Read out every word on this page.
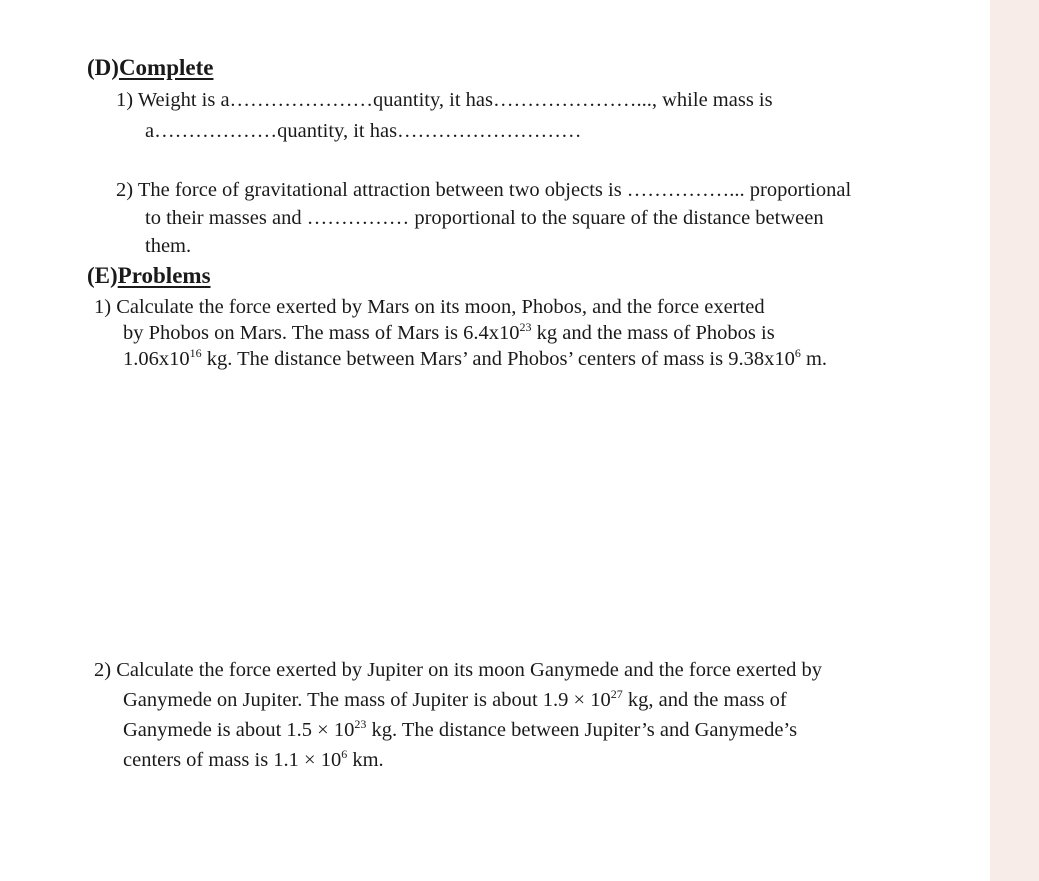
(D)Complete
1) Weight is a…………………quantity, it has…………………..., while mass is
a………………quantity, it has………………………
2) The force of gravitational attraction between two objects is ……………... proportional
to their masses and …………… proportional to the square of the distance between
them.
(E)Problems
1) Calculate the force exerted by Mars on its moon, Phobos, and the force exerted
by Phobos on Mars. The mass of Mars is $6.4x10^{23}$ kg and the mass of Phobos is
$1.06x10^{16}$ kg. The distance between Mars’ and Phobos’ centers of mass is $9.38x10^6$ m.
2) Calculate the force exerted by Jupiter on its moon Ganymede and the force exerted by
Ganymede on Jupiter. The mass of Jupiter is about $1.9 \times 10^{27}$ kg, and the mass of
Ganymede is about $1.5 \times 10^{23}$ kg. The distance between Jupiter’s and Ganymede’s
centers of mass is $1.1 \times 10^6$ km.
